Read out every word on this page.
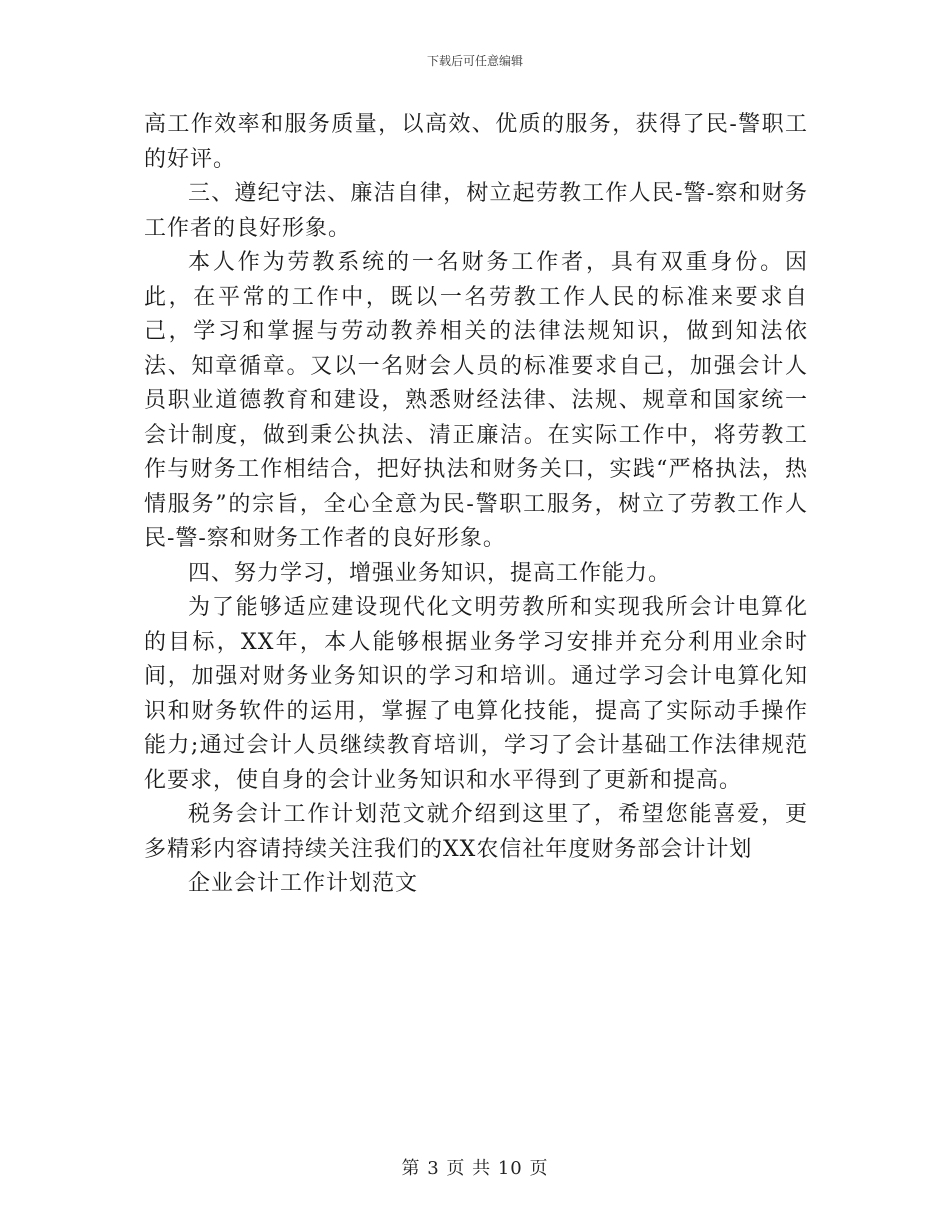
下载后可任意编辑

高工作效率和服务质量，以高效、优质的服务，获得了民-警职工的好评。

三、遵纪守法、廉洁自律，树立起劳教工作人民-警-察和财务工作者的良好形象。

本人作为劳教系统的一名财务工作者，具有双重身份。因此，在平常的工作中，既以一名劳教工作人民的标准来要求自己，学习和掌握与劳动教养相关的法律法规知识，做到知法依法、知章循章。又以一名财会人员的标准要求自己，加强会计人员职业道德教育和建设，熟悉财经法律、法规、规章和国家统一会计制度，做到秉公执法、清正廉洁。在实际工作中，将劳教工作与财务工作相结合，把好执法和财务关口，实践“严格执法，热情服务”的宗旨，全心全意为民-警职工服务，树立了劳教工作人民-警-察和财务工作者的良好形象。

四、努力学习，增强业务知识，提高工作能力。

为了能够适应建设现代化文明劳教所和实现我所会计电算化的目标，XX年，本人能够根据业务学习安排并充分利用业余时间，加强对财务业务知识的学习和培训。通过学习会计电算化知识和财务软件的运用，掌握了电算化技能，提高了实际动手操作能力;通过会计人员继续教育培训，学习了会计基础工作法律规范化要求，使自身的会计业务知识和水平得到了更新和提高。

税务会计工作计划范文就介绍到这里了，希望您能喜爱，更多精彩内容请持续关注我们的XX农信社年度财务部会计计划

企业会计工作计划范文

第 3 页 共 10 页
